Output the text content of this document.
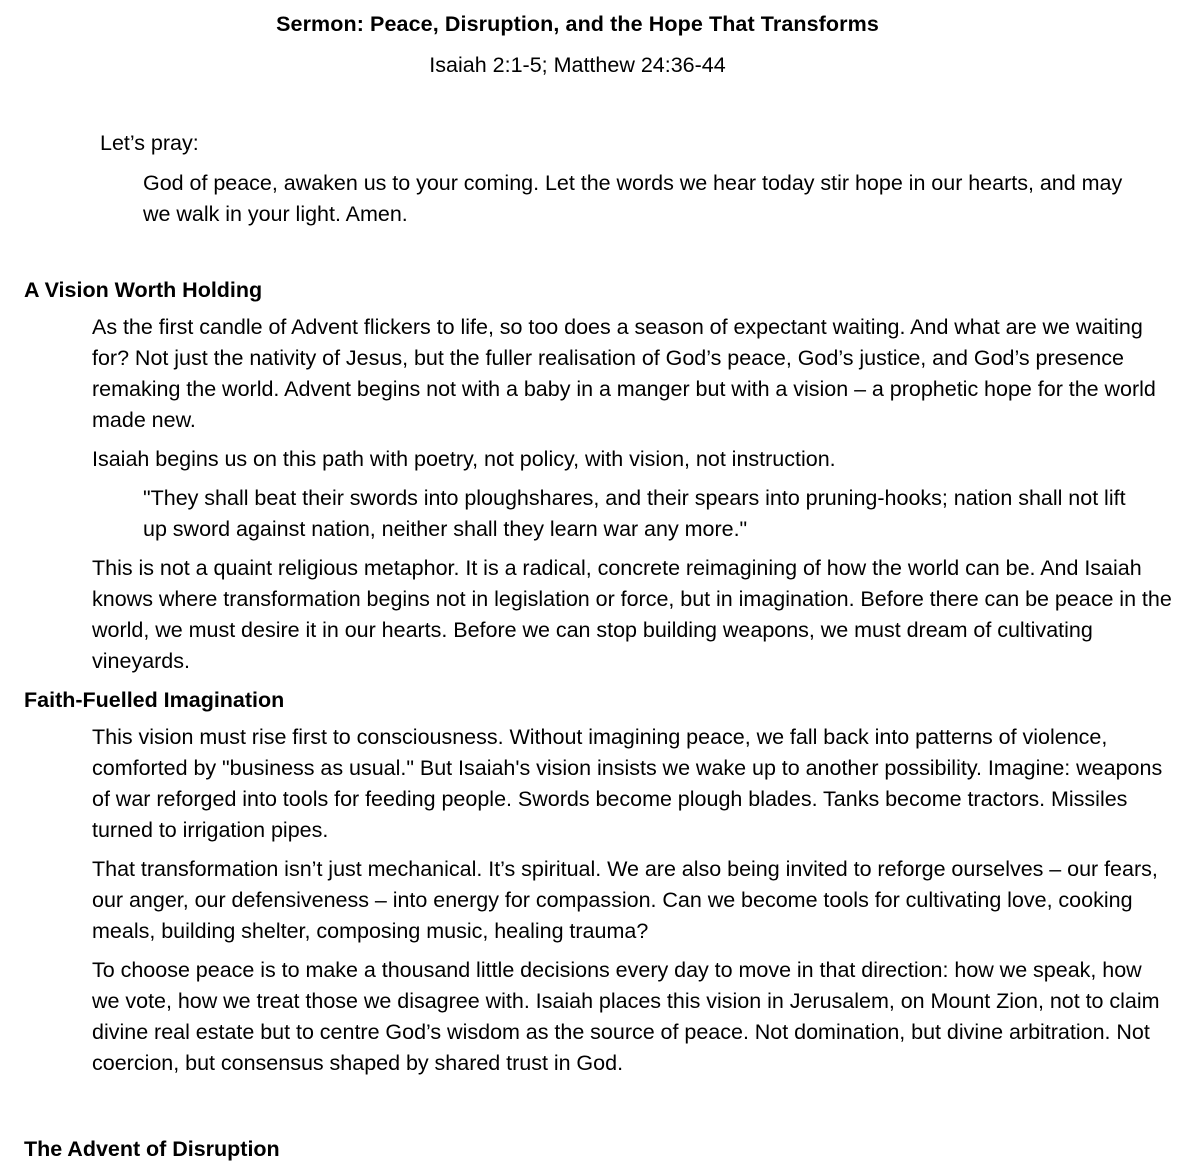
Sermon: Peace, Disruption, and the Hope That Transforms

Isaiah 2:1-5; Matthew 24:36-44

Let’s pray:

God of peace, awaken us to your coming. Let the words we hear today stir hope in our hearts, and may we walk in your light. Amen.

A Vision Worth Holding

As the first candle of Advent flickers to life, so too does a season of expectant waiting. And what are we waiting for? Not just the nativity of Jesus, but the fuller realisation of God’s peace, God’s justice, and God’s presence remaking the world. Advent begins not with a baby in a manger but with a vision – a prophetic hope for the world made new.

Isaiah begins us on this path with poetry, not policy, with vision, not instruction.

"They shall beat their swords into ploughshares, and their spears into pruning-hooks; nation shall not lift up sword against nation, neither shall they learn war any more."

This is not a quaint religious metaphor. It is a radical, concrete reimagining of how the world can be. And Isaiah knows where transformation begins not in legislation or force, but in imagination. Before there can be peace in the world, we must desire it in our hearts. Before we can stop building weapons, we must dream of cultivating vineyards.

Faith-Fuelled Imagination

This vision must rise first to consciousness. Without imagining peace, we fall back into patterns of violence, comforted by "business as usual." But Isaiah's vision insists we wake up to another possibility. Imagine: weapons of war reforged into tools for feeding people. Swords become plough blades. Tanks become tractors. Missiles turned to irrigation pipes.

That transformation isn’t just mechanical. It’s spiritual. We are also being invited to reforge ourselves – our fears, our anger, our defensiveness – into energy for compassion. Can we become tools for cultivating love, cooking meals, building shelter, composing music, healing trauma?

To choose peace is to make a thousand little decisions every day to move in that direction: how we speak, how we vote, how we treat those we disagree with. Isaiah places this vision in Jerusalem, on Mount Zion, not to claim divine real estate but to centre God’s wisdom as the source of peace. Not domination, but divine arbitration. Not coercion, but consensus shaped by shared trust in God.

The Advent of Disruption
